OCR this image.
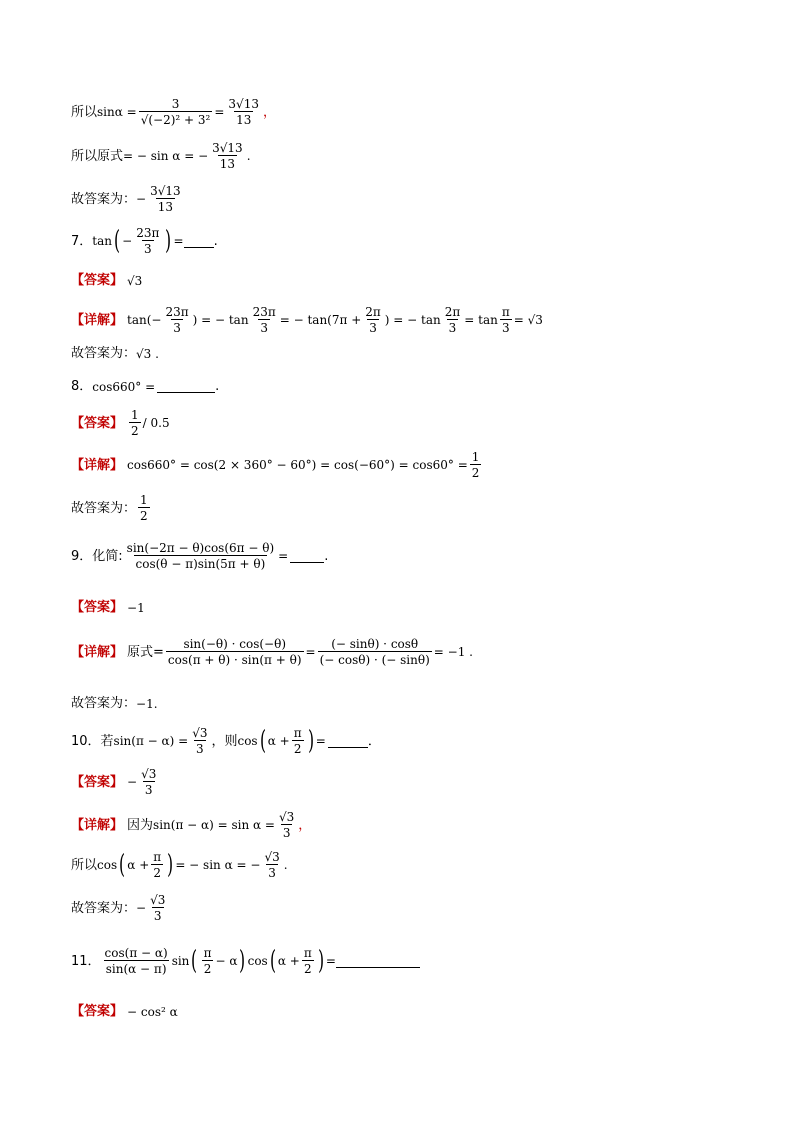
所以 $\sin\alpha = \frac{3}{\text{√(−2)² + 3²}} = \frac{3√13}{13}$ ，
所以原式 = − sin α = − $\frac{3√13}{13}$ .
故答案为： − $\frac{3√13}{13}$
7． tan ( − $\frac{23\pi}{3}$ ) = .
【答案】 √3
【详解】 $\tan(- \frac{23\pi}{3}$ ) = − $\tan \frac{23\pi}{3}$ = − $\tan(7\pi + \frac{2\pi}{3}$ ) = − $\tan \frac{2\pi}{3} = \tan \frac{\pi}{3} = √3$
故答案为： √3 .
8． cos660° =	.
【答案】 $\frac{1}{2} / 0.5$
【详解】 $\cos 660^\circ = \cos(2 \times 360^\circ - 60^\circ) = \cos(-60^\circ) = \cos 60^\circ = \frac{1}{2}$
故答案为： $\frac{1}{2}$
9．化简: $\frac{\sin(-2\pi - \theta)\cos(6\pi - \theta)}{\cos(\theta - \pi)\sin(5\pi + \theta)}$ =	.
【答案】 −1
【详解】 原式= $\frac{\sin(-\theta) \cdot \cos(-\theta)}{\cos(\pi + \theta) \cdot \sin(\pi + \theta)} = \frac{(- \sin\theta) \cdot \cos\theta}{(- \cos\theta) \cdot (- \sin\theta)} = -1$ .
故答案为： −1.
10．若 $\sin(\pi - \alpha) = \frac{√3}{3}$ ，则 cos ( $\alpha + \frac{\pi}{2}$ ) =	．
【答案】 − $\frac{√3}{3}$
【详解】 因为 $\sin(\pi - \alpha) = \sin \alpha = \frac{√3}{3}$ ，
所以 cos ( $\alpha + \frac{\pi}{2}$ ) = − sin α = − $\frac{√3}{3}$ .
故答案为： − $\frac{√3}{3}$
11． $\frac{\cos(\pi - \alpha)}{\sin(\alpha - \pi)}$ sin ( $\frac{\pi}{2} - \alpha$ ) cos ( $\alpha + \frac{\pi}{2}$ ) =
【答案】 − cos² α
